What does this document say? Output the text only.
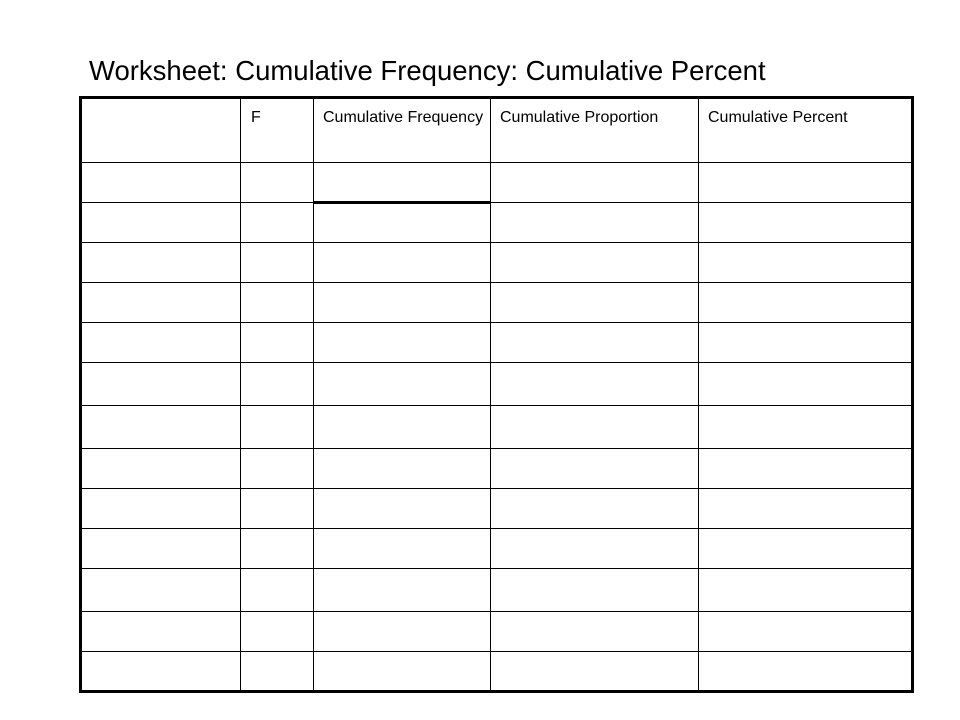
Worksheet: Cumulative Frequency: Cumulative Percent
	F	Cumulative Frequency	Cumulative Proportion	Cumulative Percent
